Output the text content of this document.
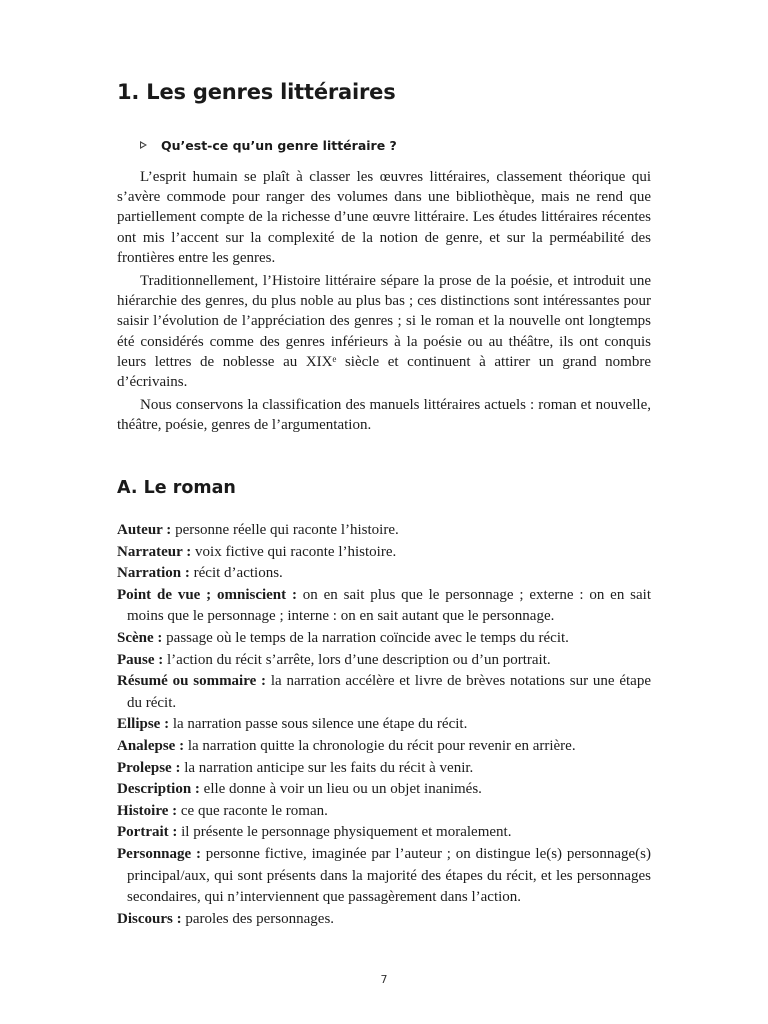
1. Les genres littéraires
Qu’est-ce qu’un genre littéraire ?

L’esprit humain se plaît à classer les œuvres littéraires, classement théorique qui s’avère commode pour ranger des volumes dans une bibliothèque, mais ne rend que partiellement compte de la richesse d’une œuvre littéraire. Les études littéraires récentes ont mis l’accent sur la complexité de la notion de genre, et sur la perméabilité des frontières entre les genres.

Traditionnellement, l’Histoire littéraire sépare la prose de la poésie, et introduit une hiérarchie des genres, du plus noble au plus bas ; ces distinctions sont intéressantes pour saisir l’évolution de l’appréciation des genres ; si le roman et la nouvelle ont longtemps été considérés comme des genres inférieurs à la poésie ou au théâtre, ils ont conquis leurs lettres de noblesse au XIXᵉ siècle et continuent à attirer un grand nombre d’écrivains.

Nous conservons la classification des manuels littéraires actuels : roman et nouvelle, théâtre, poésie, genres de l’argumentation.

A. Le roman
Auteur : personne réelle qui raconte l’histoire.
Narrateur : voix fictive qui raconte l’histoire.
Narration : récit d’actions.
Point de vue ; omniscient : on en sait plus que le personnage ; externe : on en sait moins que le personnage ; interne : on en sait autant que le personnage.
Scène : passage où le temps de la narration coïncide avec le temps du récit.
Pause : l’action du récit s’arrête, lors d’une description ou d’un portrait.
Résumé ou sommaire : la narration accélère et livre de brèves notations sur une étape du récit.
Ellipse : la narration passe sous silence une étape du récit.
Analepse : la narration quitte la chronologie du récit pour revenir en arrière.
Prolepse : la narration anticipe sur les faits du récit à venir.
Description : elle donne à voir un lieu ou un objet inanimés.
Histoire : ce que raconte le roman.
Portrait : il présente le personnage physiquement et moralement.
Personnage : personne fictive, imaginée par l’auteur ; on distingue le(s) personnage(s) principal/aux, qui sont présents dans la majorité des étapes du récit, et les personnages secondaires, qui n’interviennent que passagèrement dans l’action.
Discours : paroles des personnages.
7
